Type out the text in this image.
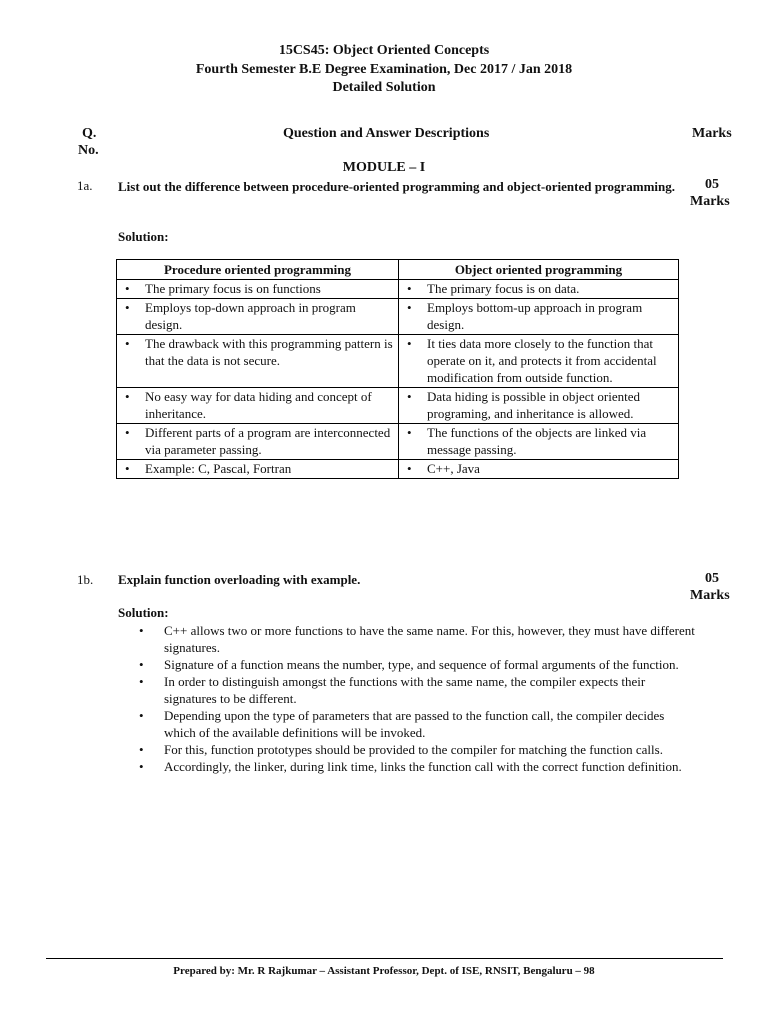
15CS45: Object Oriented Concepts
Fourth Semester B.E Degree Examination, Dec 2017 / Jan 2018
Detailed Solution
Q.
No.
Question and Answer Descriptions	Marks
MODULE – I
1a. List out the difference between procedure-oriented programming and object-oriented programming.	05
Marks
Solution:
Procedure oriented programming	Object oriented programming

• The primary focus is on functions	• The primary focus is on data.

• Employs top-down approach in program design.	• Employs bottom-up approach in program design.

• The drawback with this programming pattern is that the data is not secure.	• It ties data more closely to the function that operate on it, and protects it from accidental modification from outside function.

• No easy way for data hiding and concept of inheritance.	• Data hiding is possible in object oriented programing, and inheritance is allowed.

• Different parts of a program are interconnected via parameter passing.	• The functions of the objects are linked via message passing.

• Example: C, Pascal, Fortran	• C++, Java
1b. Explain function overloading with example.	05
Marks
Solution:
•	C++ allows two or more functions to have the same name. For this, however, they must have different signatures.
•	Signature of a function means the number, type, and sequence of formal arguments of the function.
•	In order to distinguish amongst the functions with the same name, the compiler expects their signatures to be different.
•	Depending upon the type of parameters that are passed to the function call, the compiler decides which of the available definitions will be invoked.
•	For this, function prototypes should be provided to the compiler for matching the function calls.
•	Accordingly, the linker, during link time, links the function call with the correct function definition.
Prepared by: Mr. R Rajkumar – Assistant Professor, Dept. of ISE, RNSIT, Bengaluru – 98
